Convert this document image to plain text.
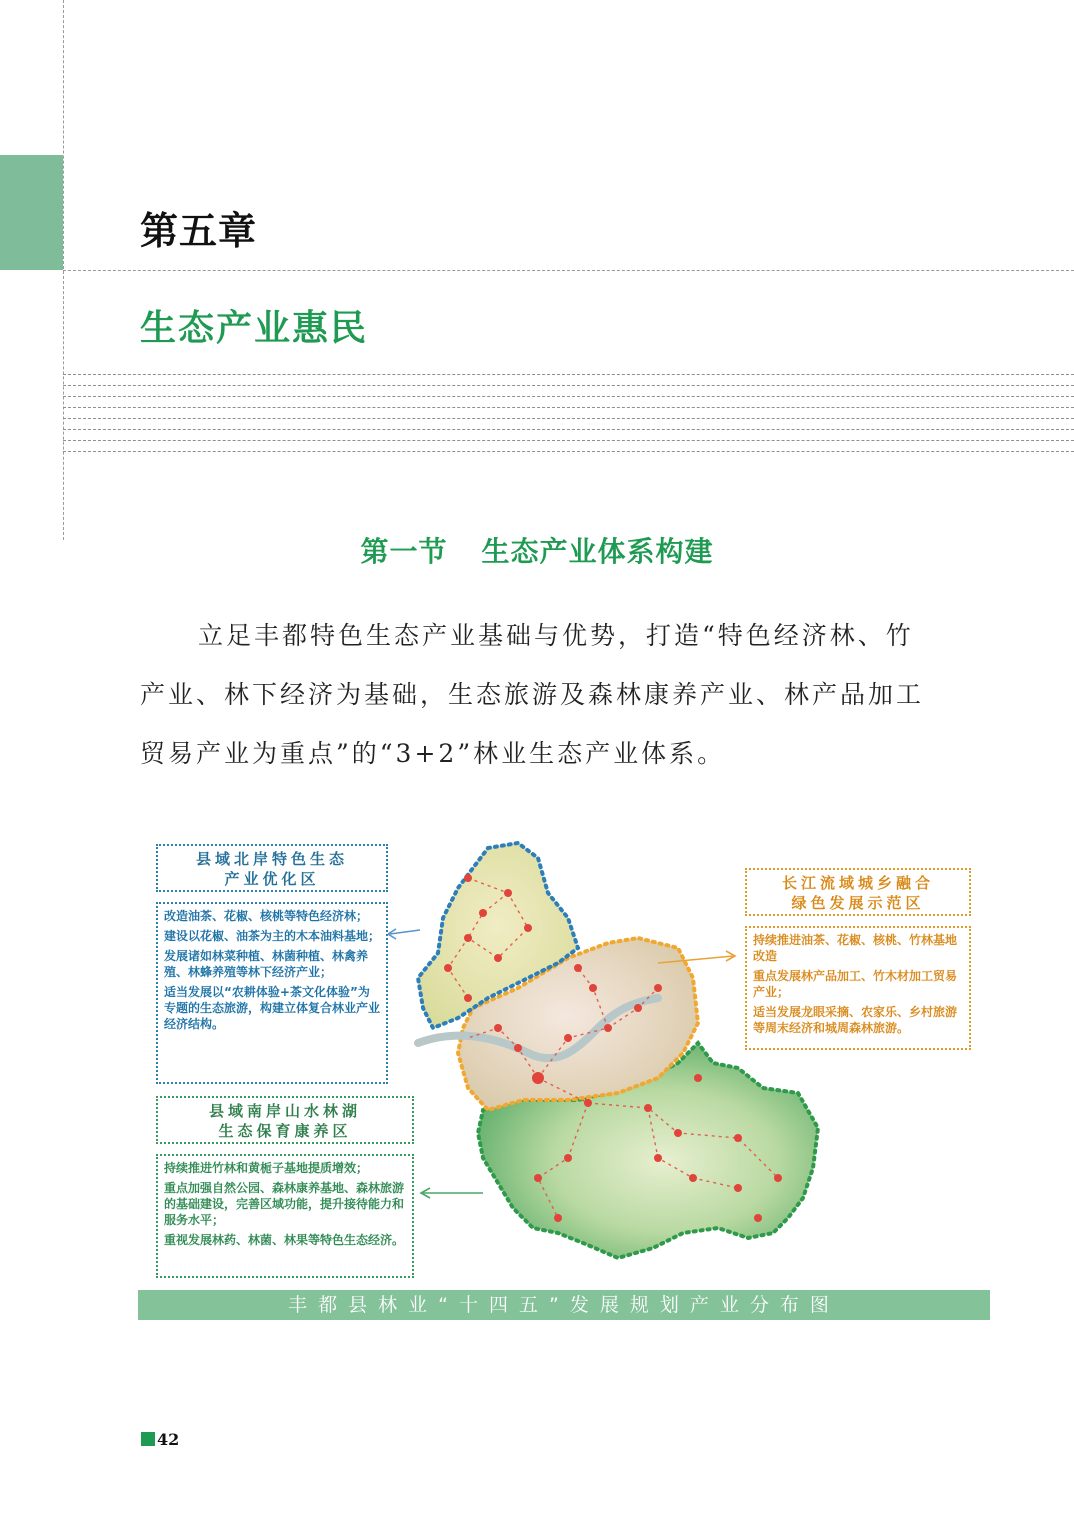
第五章
生态产业惠民
第一节 生态产业体系构建
立足丰都特色生态产业基础与优势，打造“特色经济林、竹
产业、林下经济为基础，生态旅游及森林康养产业、林产品加工
贸易产业为重点”的“3+2”林业生态产业体系。
县域北岸特色生态
产业优化区

改造油茶、花椒、核桃等特色经济林；

建设以花椒、油茶为主的木本油料基地；

发展诸如林菜种植、林菌种植、林禽养殖、林蜂养殖等林下经济产业；

适当发展以“农耕体验+茶文化体验”为专题的生态旅游，构建立体复合林业产业经济结构。

县域南岸山水林湖
生态保育康养区

持续推进竹林和黄栀子基地提质增效；

重点加强自然公园、森林康养基地、森林旅游的基础建设，完善区域功能，提升接待能力和服务水平；

重视发展林药、林菌、林果等特色生态经济。

长江流域城乡融合
绿色发展示范区

持续推进油茶、花椒、核桃、竹林基地改造

重点发展林产品加工、竹木材加工贸易产业；

适当发展龙眼采摘、农家乐、乡村旅游等周末经济和城周森林旅游。

丰都县林业“十四五”发展规划产业分布图
42
